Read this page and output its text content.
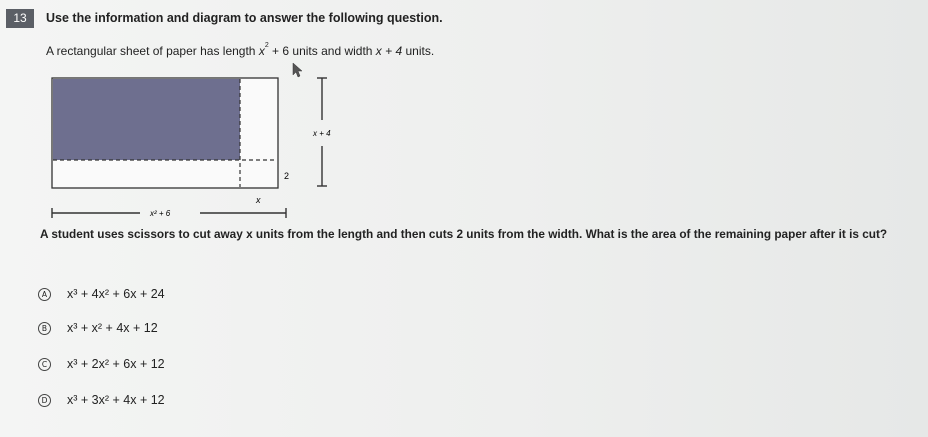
13	Use the information and diagram to answer the following question.
A rectangular sheet of paper has length $x^2 + 6$ units and width x + 4 units.
x + 4
2
x
x² + 6
A student uses scissors to cut away x units from the length and then cuts 2 units from the width. What is the area of the remaining paper after it is cut?
A	x³ + 4x² + 6x + 24
B	x³ + x² + 4x + 12
C	x³ + 2x² + 6x + 12
D x³ + 3x² + 4x + 12
